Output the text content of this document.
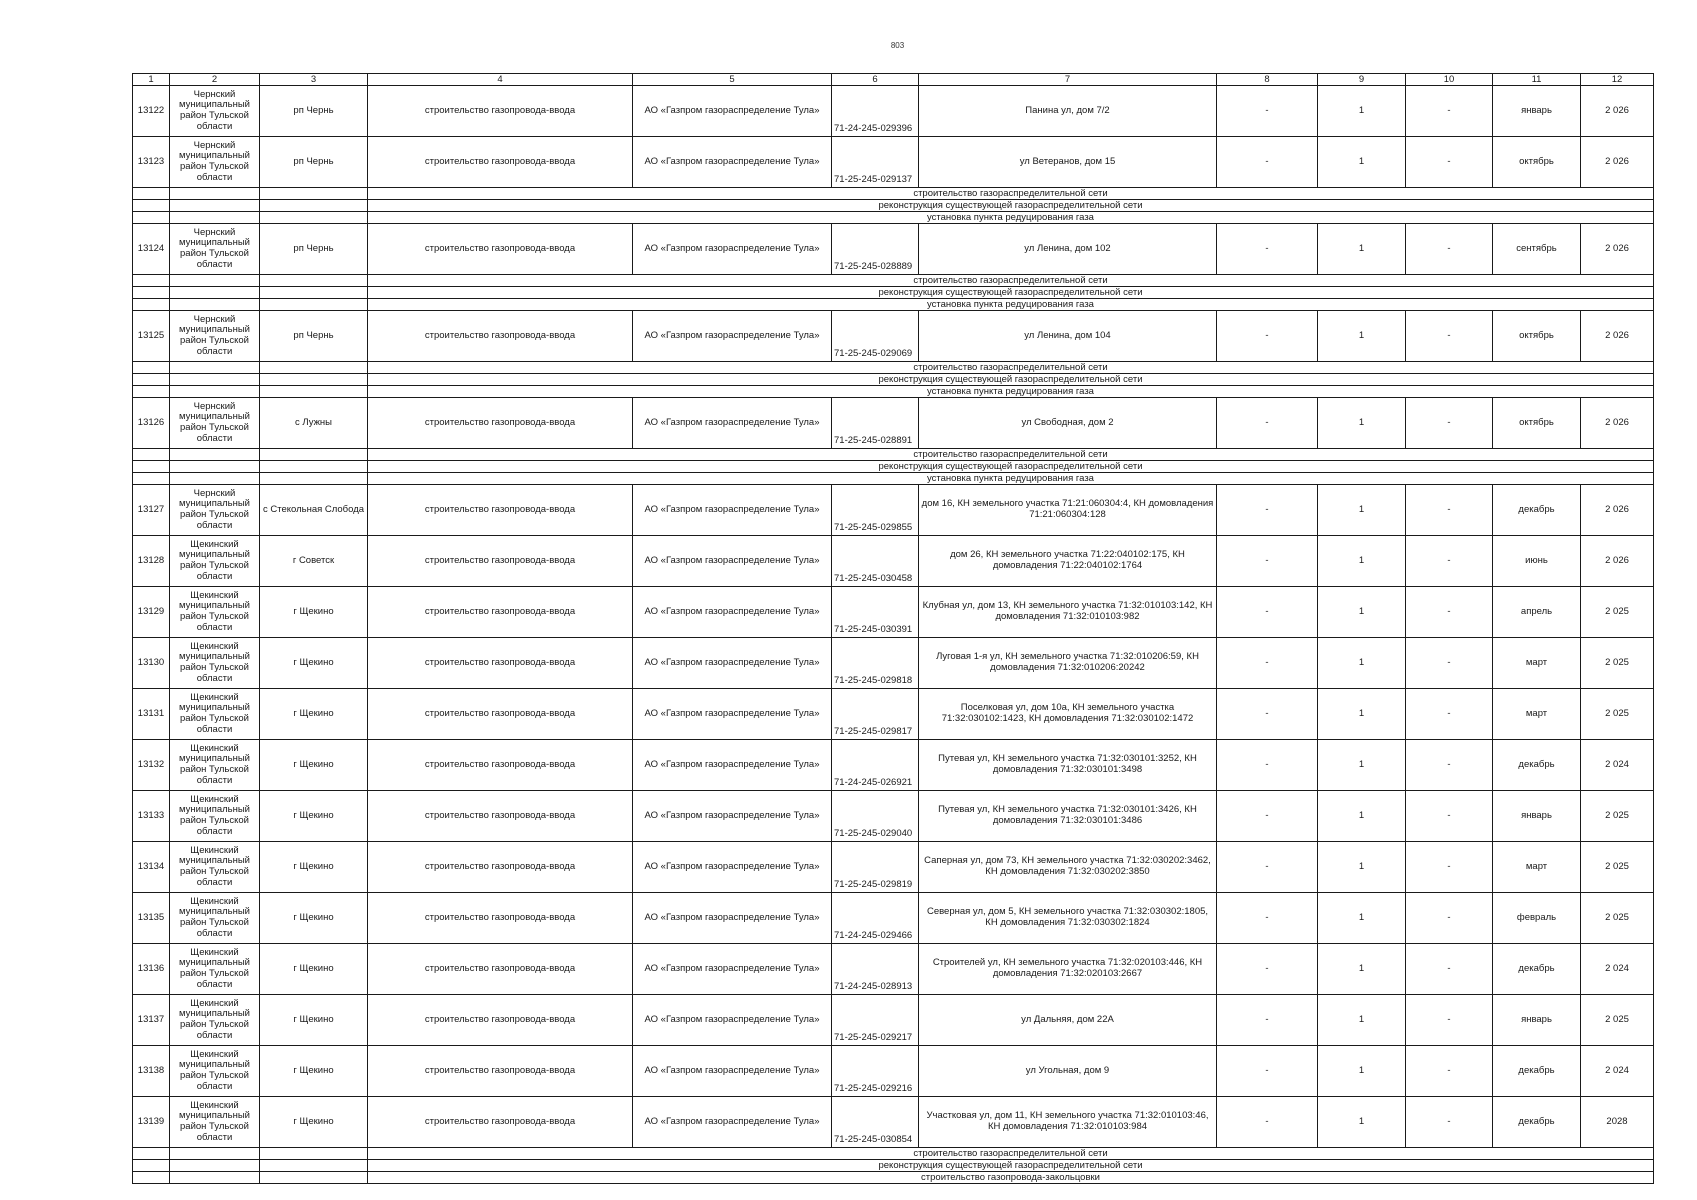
803
1	2	3	4	5	6	7	8	9	10	11	12
13122	Чернский муниципальный район Тульской области	рп Чернь	строительство газопровода-ввода	АО «Газпром газораспределение Тула»	71-24-245-029396	Панина ул, дом 7/2	-	1	-	январь	2 026
13123	Чернский муниципальный район Тульской области	рп Чернь	строительство газопровода-ввода	АО «Газпром газораспределение Тула»	71-25-245-029137	ул Ветеранов, дом 15	-	1	-	октябрь	2 026
			строительство газораспределительной сети								
			реконструкция существующей газораспределительной сети								
			установка пункта редуцирования газа								
13124	Чернский муниципальный район Тульской области	рп Чернь	строительство газопровода-ввода	АО «Газпром газораспределение Тула»	71-25-245-028889	ул Ленина, дом 102	-	1	-	сентябрь	2 026
			строительство газораспределительной сети								
			реконструкция существующей газораспределительной сети								
			установка пункта редуцирования газа								
13125	Чернский муниципальный район Тульской области	рп Чернь	строительство газопровода-ввода	АО «Газпром газораспределение Тула»	71-25-245-029069	ул Ленина, дом 104	-	1	-	октябрь	2 026
			строительство газораспределительной сети								
			реконструкция существующей газораспределительной сети								
			установка пункта редуцирования газа								
13126	Чернский муниципальный район Тульской области	с Лужны	строительство газопровода-ввода	АО «Газпром газораспределение Тула»	71-25-245-028891	ул Свободная, дом 2	-	1	-	октябрь	2 026
			строительство газораспределительной сети								
			реконструкция существующей газораспределительной сети								
			установка пункта редуцирования газа								
13127	Чернский муниципальный район Тульской области	с Стекольная Слобода	строительство газопровода-ввода	АО «Газпром газораспределение Тула»	71-25-245-029855	дом 16, КН земельного участка 71:21:060304:4, КН домовладения 71:21:060304:128	-	1	-	декабрь	2 026
13128	Щекинский муниципальный район Тульской области	г Советск	строительство газопровода-ввода	АО «Газпром газораспределение Тула»	71-25-245-030458	дом 26, КН земельного участка 71:22:040102:175, КН домовладения 71:22:040102:1764	-	1	-	июнь	2 026
13129	Щекинский муниципальный район Тульской области	г Щекино	строительство газопровода-ввода	АО «Газпром газораспределение Тула»	71-25-245-030391	Клубная ул, дом 13, КН земельного участка 71:32:010103:142, КН домовладения 71:32:010103:982	-	1	-	апрель	2 025
13130	Щекинский муниципальный район Тульской области	г Щекино	строительство газопровода-ввода	АО «Газпром газораспределение Тула»	71-25-245-029818	Луговая 1-я ул, КН земельного участка 71:32:010206:59, КН домовладения 71:32:010206:20242	-	1	-	март	2 025
13131	Щекинский муниципальный район Тульской области	г Щекино	строительство газопровода-ввода	АО «Газпром газораспределение Тула»	71-25-245-029817	Поселковая ул, дом 10а, КН земельного участка 71:32:030102:1423, КН домовладения 71:32:030102:1472	-	1	-	март	2 025
13132	Щекинский муниципальный район Тульской области	г Щекино	строительство газопровода-ввода	АО «Газпром газораспределение Тула»	71-24-245-026921	Путевая ул, КН земельного участка 71:32:030101:3252, КН домовладения 71:32:030101:3498	-	1	-	декабрь	2 024
13133	Щекинский муниципальный район Тульской области	г Щекино	строительство газопровода-ввода	АО «Газпром газораспределение Тула»	71-25-245-029040	Путевая ул, КН земельного участка 71:32:030101:3426, КН домовладения 71:32:030101:3486	-	1	-	январь	2 025
13134	Щекинский муниципальный район Тульской области	г Щекино	строительство газопровода-ввода	АО «Газпром газораспределение Тула»	71-25-245-029819	Саперная ул, дом 73, КН земельного участка 71:32:030202:3462, КН домовладения 71:32:030202:3850	-	1	-	март	2 025
13135	Щекинский муниципальный район Тульской области	г Щекино	строительство газопровода-ввода	АО «Газпром газораспределение Тула»	71-24-245-029466	Северная ул, дом 5, КН земельного участка 71:32:030302:1805, КН домовладения 71:32:030302:1824	-	1	-	февраль	2 025
13136	Щекинский муниципальный район Тульской области	г Щекино	строительство газопровода-ввода	АО «Газпром газораспределение Тула»	71-24-245-028913	Строителей ул, КН земельного участка 71:32:020103:446, КН домовладения 71:32:020103:2667	-	1	-	декабрь	2 024
13137	Щекинский муниципальный район Тульской области	г Щекино	строительство газопровода-ввода	АО «Газпром газораспределение Тула»	71-25-245-029217	ул Дальняя, дом 22А	-	1	-	январь	2 025
13138	Щекинский муниципальный район Тульской области	г Щекино	строительство газопровода-ввода	АО «Газпром газораспределение Тула»	71-25-245-029216	ул Угольная, дом 9	-	1	-	декабрь	2 024
13139	Щекинский муниципальный район Тульской области	г Щекино	строительство газопровода-ввода	АО «Газпром газораспределение Тула»	71-25-245-030854	Участковая ул, дом 11, КН земельного участка 71:32:010103:46, КН домовладения 71:32:010103:984	-	1	-	декабрь	2028
			строительство газораспределительной сети								
			реконструкция существующей газораспределительной сети								
			строительство газопровода-закольцовки								
